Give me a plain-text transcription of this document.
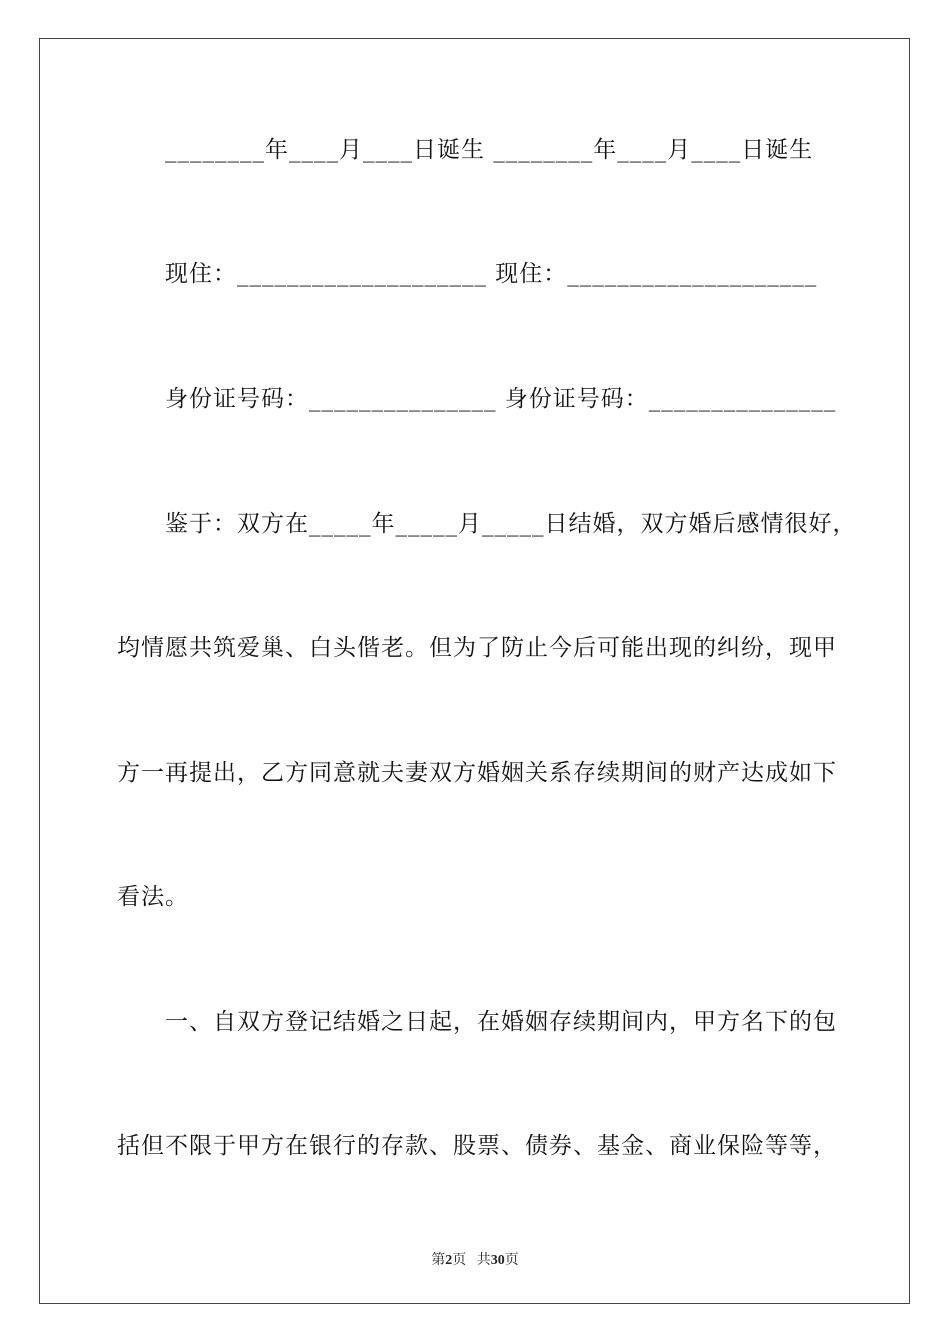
________年____月____日诞生 ________年____月____日诞生
现住：____________________ 现住：____________________
身份证号码：_______________ 身份证号码：_______________
鉴于：双方在_____年_____月_____日结婚，双方婚后感情很好，
均情愿共筑爱巢、白头偕老。但为了防止今后可能出现的纠纷，现甲
方一再提出，乙方同意就夫妻双方婚姻关系存续期间的财产达成如下
看法。
一、自双方登记结婚之日起，在婚姻存续期间内，甲方名下的包
括但不限于甲方在银行的存款、股票、债券、基金、商业保险等等，
第2页 共30页
